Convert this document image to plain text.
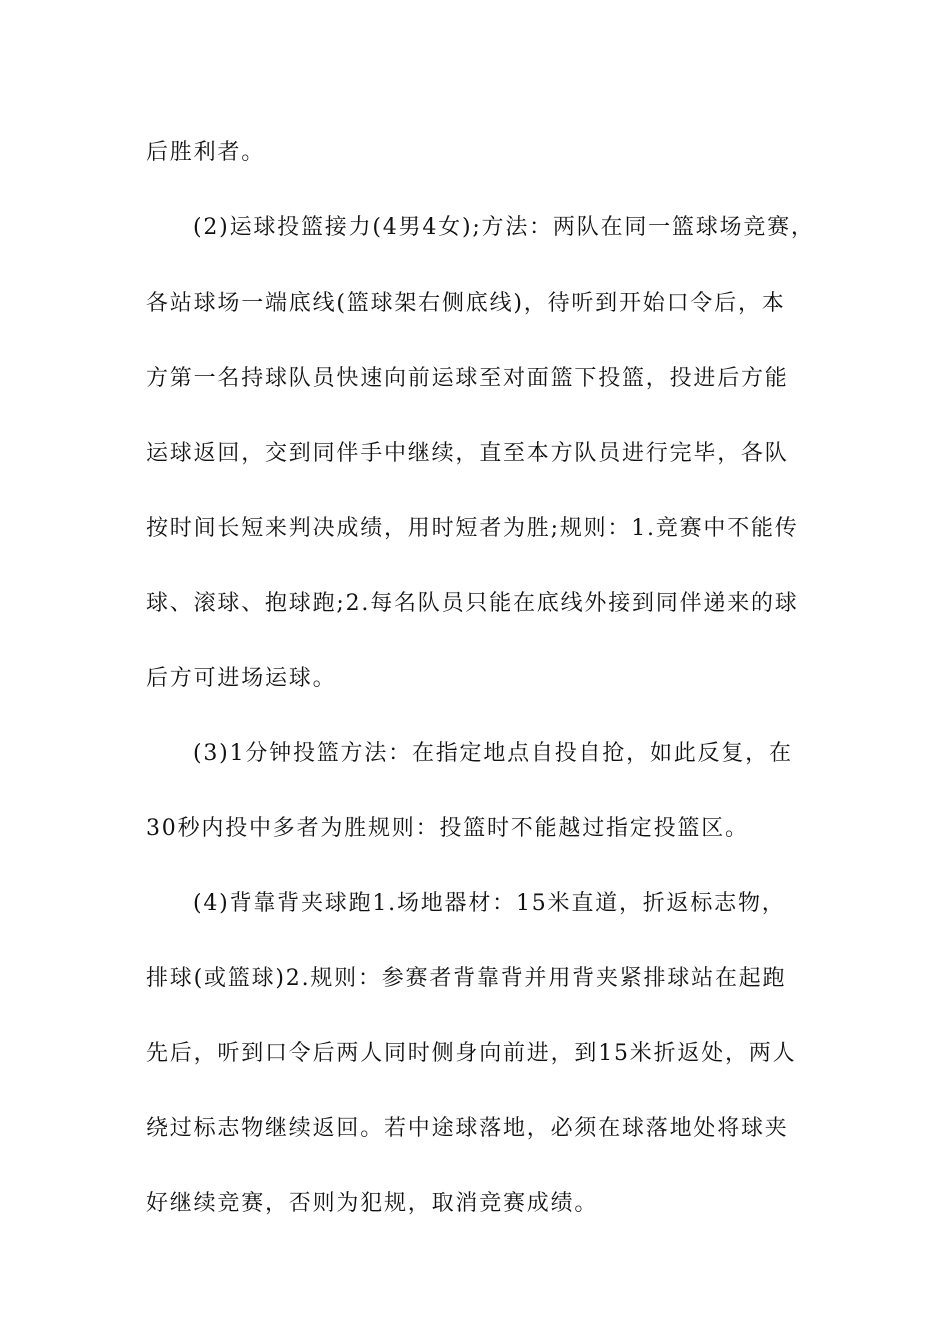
后胜利者。
(2)运球投篮接力(4男4女);方法：两队在同一篮球场竞赛，
各站球场一端底线(篮球架右侧底线)，待听到开始口令后，本
方第一名持球队员快速向前运球至对面篮下投篮，投进后方能
运球返回，交到同伴手中继续，直至本方队员进行完毕，各队
按时间长短来判决成绩，用时短者为胜;规则：1.竞赛中不能传
球、滚球、抱球跑;2.每名队员只能在底线外接到同伴递来的球
后方可进场运球。
(3)1分钟投篮方法：在指定地点自投自抢，如此反复，在
30秒内投中多者为胜规则：投篮时不能越过指定投篮区。
(4)背靠背夹球跑1.场地器材：15米直道，折返标志物，
排球(或篮球)2.规则：参赛者背靠背并用背夹紧排球站在起跑
先后，听到口令后两人同时侧身向前进，到15米折返处，两人
绕过标志物继续返回。若中途球落地，必须在球落地处将球夹
好继续竞赛，否则为犯规，取消竞赛成绩。
